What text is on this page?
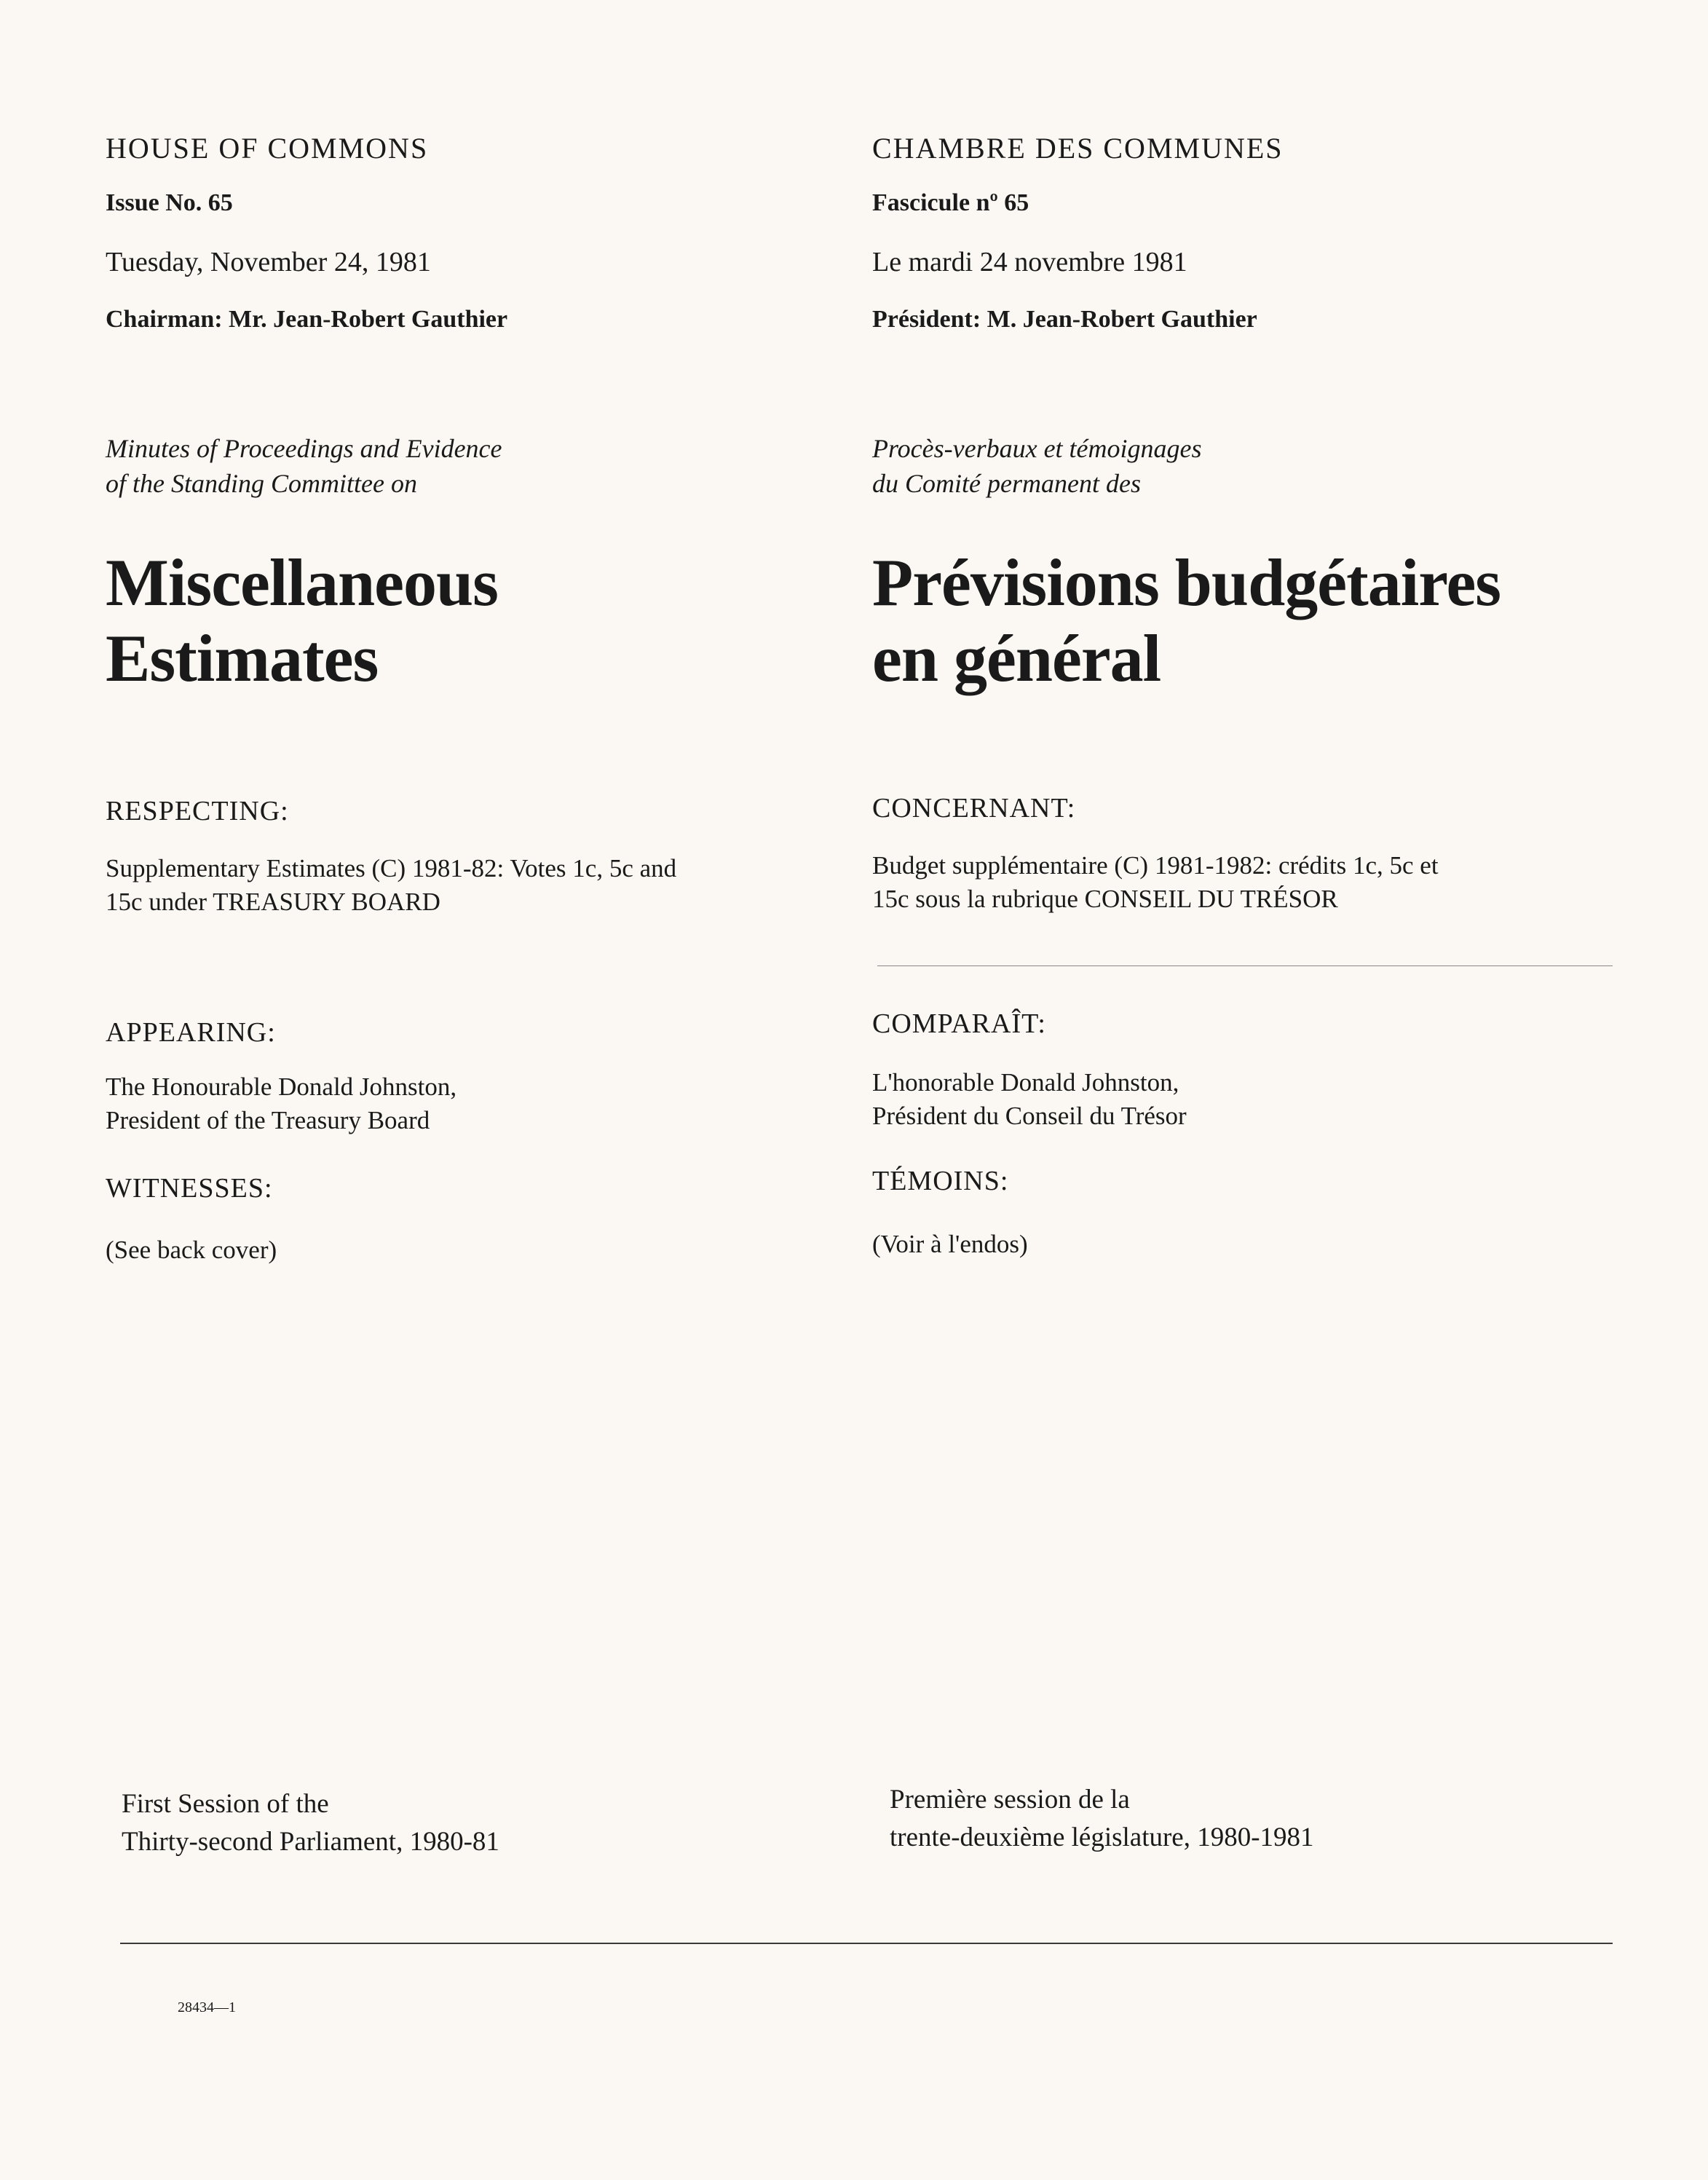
HOUSE OF COMMONS
Issue No. 65
Tuesday, November 24, 1981
Chairman: Mr. Jean-Robert Gauthier
Minutes of Proceedings and Evidence
of the Standing Committee on
Miscellaneous
Estimates
RESPECTING:
Supplementary Estimates (C) 1981-82: Votes 1c, 5c and
15c under TREASURY BOARD
APPEARING:
The Honourable Donald Johnston,
President of the Treasury Board
WITNESSES:
(See back cover)
First Session of the
Thirty-second Parliament, 1980-81
CHAMBRE DES COMMUNES
Fascicule nº 65
Le mardi 24 novembre 1981
Président: M. Jean-Robert Gauthier
Procès-verbaux et témoignages
du Comité permanent des
Prévisions budgétaires
en général
CONCERNANT:
Budget supplémentaire (C) 1981-1982: crédits 1c, 5c et
15c sous la rubrique CONSEIL DU TRÉSOR
COMPARAÎT:
L'honorable Donald Johnston,
Président du Conseil du Trésor
TÉMOINS:
(Voir à l'endos)
Première session de la
trente-deuxième législature, 1980-1981
28434—1
